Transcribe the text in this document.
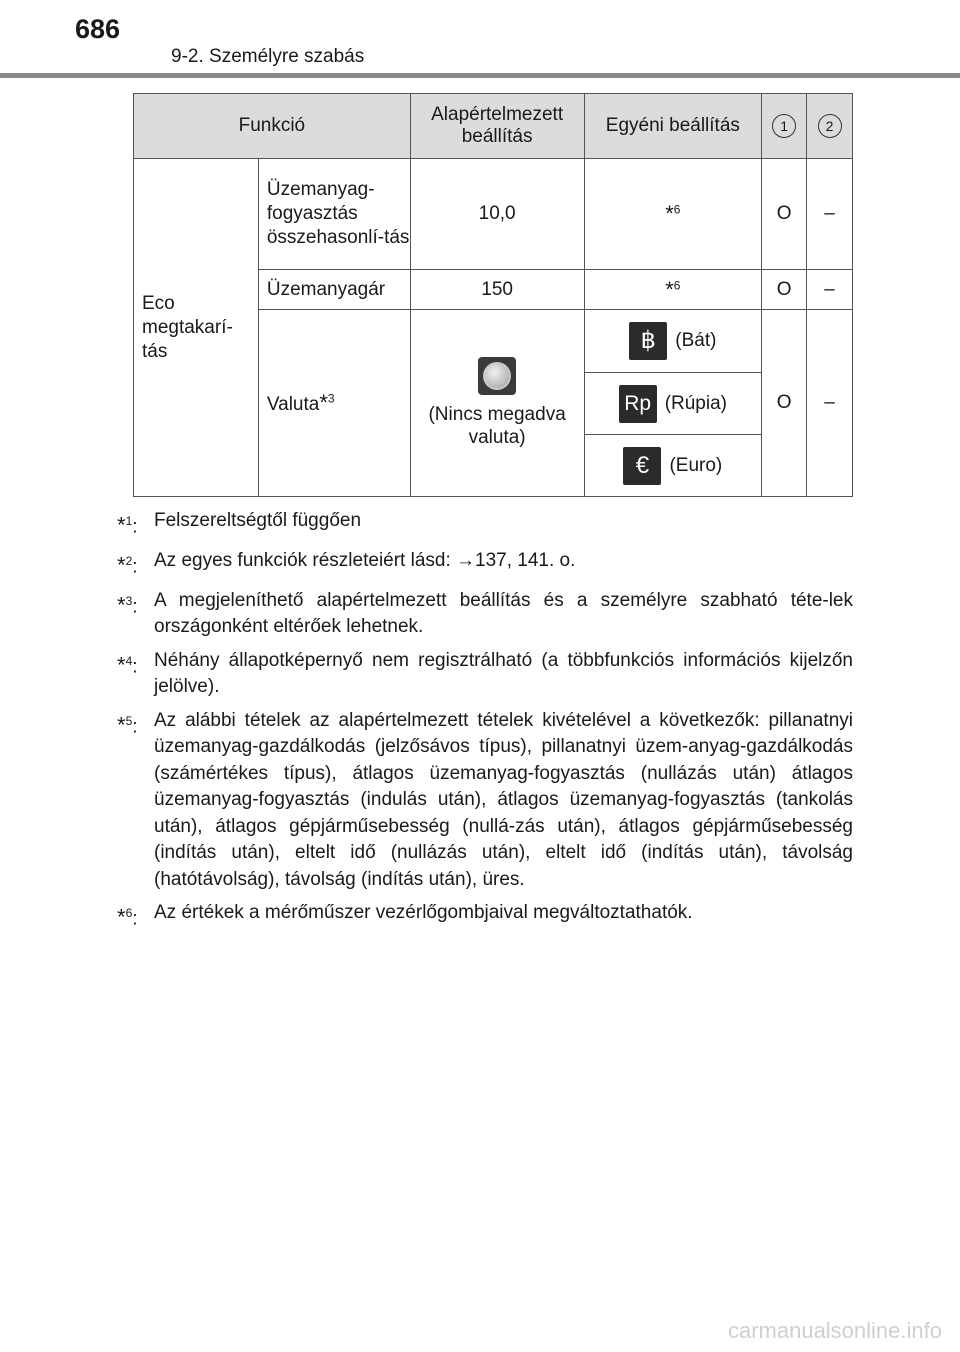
686
9-2. Személyre szabás
Funkció		Alapértelmezett beállítás	Egyéni beállítás	1	2
Eco megtakarí-tás	Üzemanyag-fogyasztás összehasonlí-tás	10,0	*$^6$	O	–
	Üzemanyagár	150	*$^6$	O	–
	Valuta*$^3$	(Nincs megadva valuta)	฿ (Bát)	O	–

			Rp (Rúpia)		

			€ (Euro)		
*$^1$: Felszereltségtől függően
*$^2$: Az egyes funkciók részleteiért lásd: →137, 141. o.
*$^3$: A megjeleníthető alapértelmezett beállítás és a személyre szabható téte-lek országonként eltérőek lehetnek.
*$^4$: Néhány állapotképernyő nem regisztrálható (a többfunkciós információs kijelzőn jelölve).
*$^5$: Az alábbi tételek az alapértelmezett tételek kivételével a következők: pillanatnyi üzemanyag-gazdálkodás (jelzősávos típus), pillanatnyi üzem-anyag-gazdálkodás (számértékes típus), átlagos üzemanyag-fogyasztás (nullázás után) átlagos üzemanyag-fogyasztás (indulás után), átlagos üzemanyag-fogyasztás (tankolás után), átlagos gépjárműsebesség (nullá-zás után), átlagos gépjárműsebesség (indítás után), eltelt idő (nullázás után), eltelt idő (indítás után), távolság (hatótávolság), távolság (indítás után), üres.
*$^6$: Az értékek a mérőműszer vezérlőgombjaival megváltoztathatók.
carmanualsonline.info
